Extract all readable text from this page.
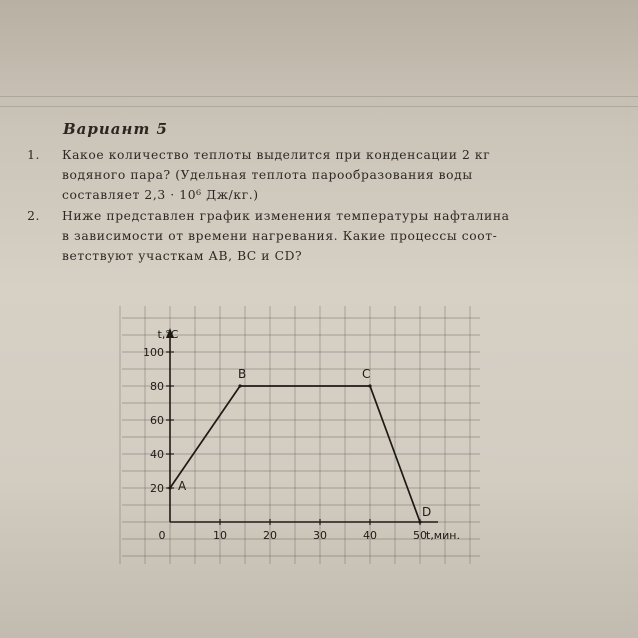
Вариант 5
1. Какое количество теплоты выделится при конденсации 2 кг
водяного пара? (Удельная теплота парообразования воды
составляет 2,3 · 10⁶ Дж/кг.)
2. Ниже представлен график изменения температуры нафталина
в зависимости от времени нагревания. Какие процессы соот-
ветствуют участкам АВ, ВС и CD?
0	10	20	30	40	50
20
40
60
80
100
t,°C
t,мин.
A
B	C
D
